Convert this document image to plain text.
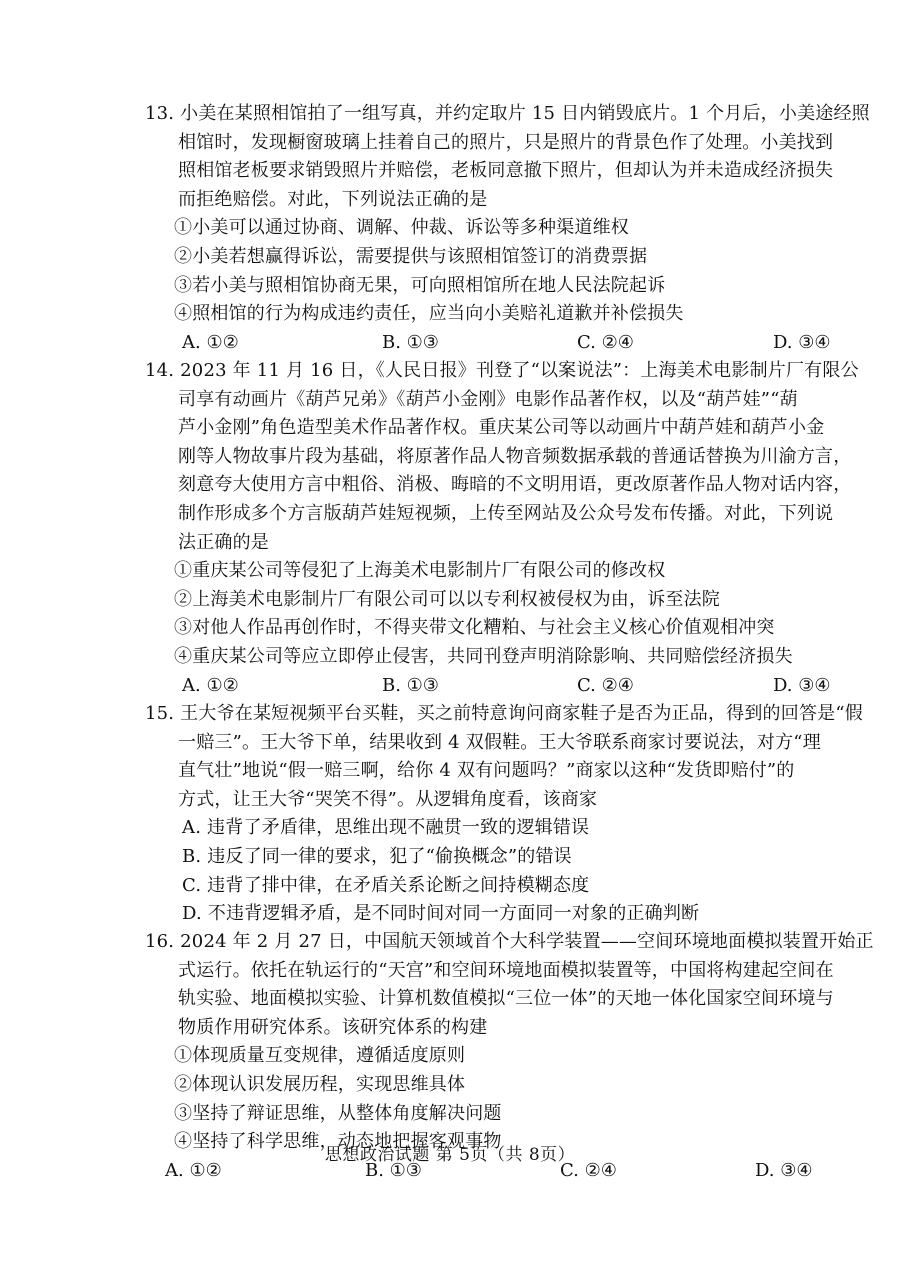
13. 小美在某照相馆拍了一组写真，并约定取片 15 日内销毁底片。1 个月后，小美途经照
相馆时，发现橱窗玻璃上挂着自己的照片，只是照片的背景色作了处理。小美找到
照相馆老板要求销毁照片并赔偿，老板同意撤下照片，但却认为并未造成经济损失
而拒绝赔偿。对此，下列说法正确的是
①小美可以通过协商、调解、仲裁、诉讼等多种渠道维权
②小美若想赢得诉讼，需要提供与该照相馆签订的消费票据
③若小美与照相馆协商无果，可向照相馆所在地人民法院起诉
④照相馆的行为构成违约责任，应当向小美赔礼道歉并补偿损失
A. ①②	B. ①③	C. ②④	D. ③④
14. 2023 年 11 月 16 日，《人民日报》刊登了“以案说法”：上海美术电影制片厂有限公
司享有动画片《葫芦兄弟》《葫芦小金刚》电影作品著作权，以及“葫芦娃”“葫
芦小金刚”角色造型美术作品著作权。重庆某公司等以动画片中葫芦娃和葫芦小金
刚等人物故事片段为基础，将原著作品人物音频数据承载的普通话替换为川渝方言，
刻意夸大使用方言中粗俗、消极、晦暗的不文明用语，更改原著作品人物对话内容，
制作形成多个方言版葫芦娃短视频，上传至网站及公众号发布传播。对此，下列说
法正确的是
①重庆某公司等侵犯了上海美术电影制片厂有限公司的修改权
②上海美术电影制片厂有限公司可以以专利权被侵权为由，诉至法院
③对他人作品再创作时，不得夹带文化糟粕、与社会主义核心价值观相冲突
④重庆某公司等应立即停止侵害，共同刊登声明消除影响、共同赔偿经济损失
A. ①②	B. ①③	C. ②④	D. ③④
15. 王大爷在某短视频平台买鞋，买之前特意询问商家鞋子是否为正品，得到的回答是“假
一赔三”。王大爷下单，结果收到 4 双假鞋。王大爷联系商家讨要说法，对方“理
直气壮”地说“假一赔三啊，给你 4 双有问题吗？”商家以这种“发货即赔付”的
方式，让王大爷“哭笑不得”。从逻辑角度看，该商家
A. 违背了矛盾律，思维出现不融贯一致的逻辑错误
B. 违反了同一律的要求，犯了“偷换概念”的错误
C. 违背了排中律，在矛盾关系论断之间持模糊态度
D. 不违背逻辑矛盾，是不同时间对同一方面同一对象的正确判断
16. 2024 年 2 月 27 日，中国航天领域首个大科学装置——空间环境地面模拟装置开始正
式运行。依托在轨运行的“天宫”和空间环境地面模拟装置等，中国将构建起空间在
轨实验、地面模拟实验、计算机数值模拟“三位一体”的天地一体化国家空间环境与
物质作用研究体系。该研究体系的构建
①体现质量互变规律，遵循适度原则
②体现认识发展历程，实现思维具体
③坚持了辩证思维，从整体角度解决问题
④坚持了科学思维，动态地把握客观事物
A. ①②	B. ①③	C. ②④	D. ③④
思想政治试题 第 5页（共 8页）
